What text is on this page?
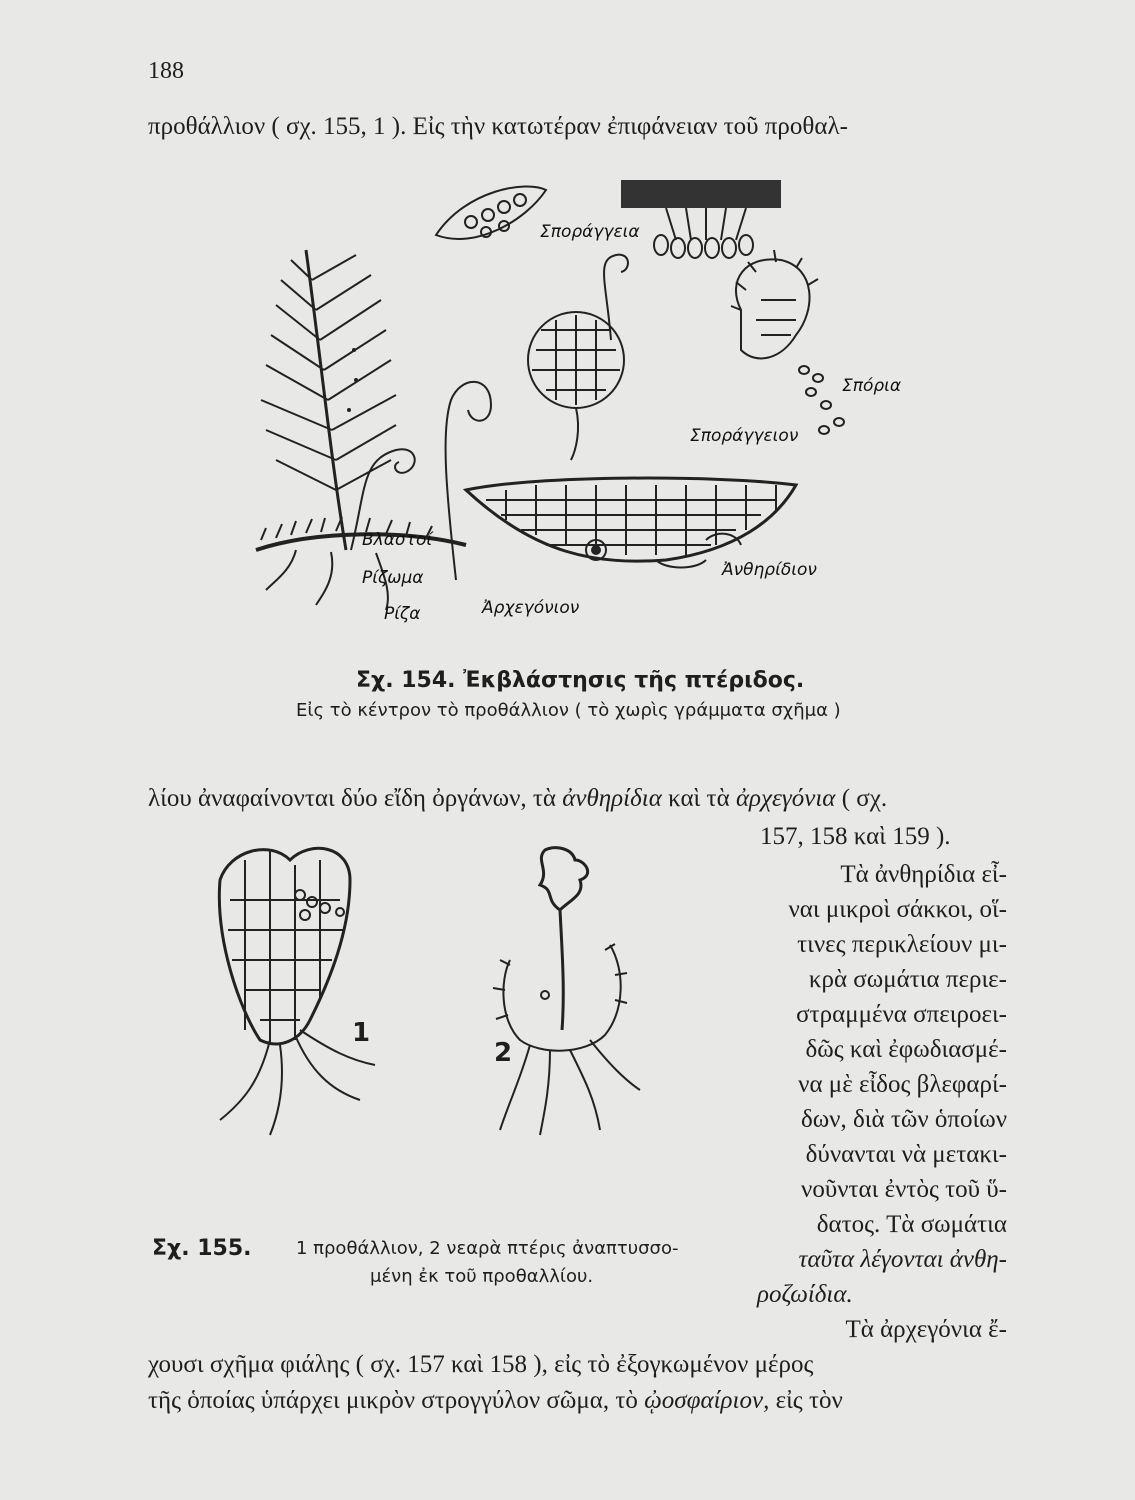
188
προθάλλιον ( σχ. 155, 1 ). Εἰς τὴν κατωτέραν ἐπιφάνειαν τοῦ προθαλ-
Σποράγγεια
Σπόρια
Σποράγγειον
Βλαστοί
Ρίζωμα
Ρίζα	Ἀρχεγόνιον
Ἀνθηρίδιον
Σχ. 154. Ἐκβλάστησις τῆς πτέριδος.
Εἰς τὸ κέντρον τὸ προθάλλιον ( τὸ χωρὶς γράμματα σχῆμα )
λίου ἀναφαίνονται δύο εἴδη ὀργάνων, τὰ ἀνθηρίδια καὶ τὰ ἀρχεγόνια ( σχ.
157, 158 καὶ 159 ).
Τὰ ἀνθηρίδια εἶ-
ναι μικροὶ σάκκοι, οἵ-
τινες περικλείουν μι-
κρὰ σωμάτια περιε-
στραμμένα σπειροει-
δῶς καὶ ἐφωδιασμέ-
να μὲ εἶδος βλεφαρί-
δων, διὰ τῶν ὁποίων
δύνανται νὰ μετακι-
νοῦνται ἐντὸς τοῦ ὕ-
δατος. Τὰ σωμάτια
ταῦτα λέγονται ἀνθη-
ροζωίδια.
Τὰ ἀρχεγόνια ἔ-
1
2
Σχ. 155. 1 προθάλλιον, 2 νεαρὰ πτέρις ἀναπτυσσο-
μένη ἐκ τοῦ προθαλλίου.
χουσι σχῆμα φιάλης ( σχ. 157 καὶ 158 ), εἰς τὸ ἐξογκωμένον μέρος
τῆς ὁποίας ὑπάρχει μικρὸν στρογγύλον σῶμα, τὸ ᾠοσφαίριον, εἰς τὸν
